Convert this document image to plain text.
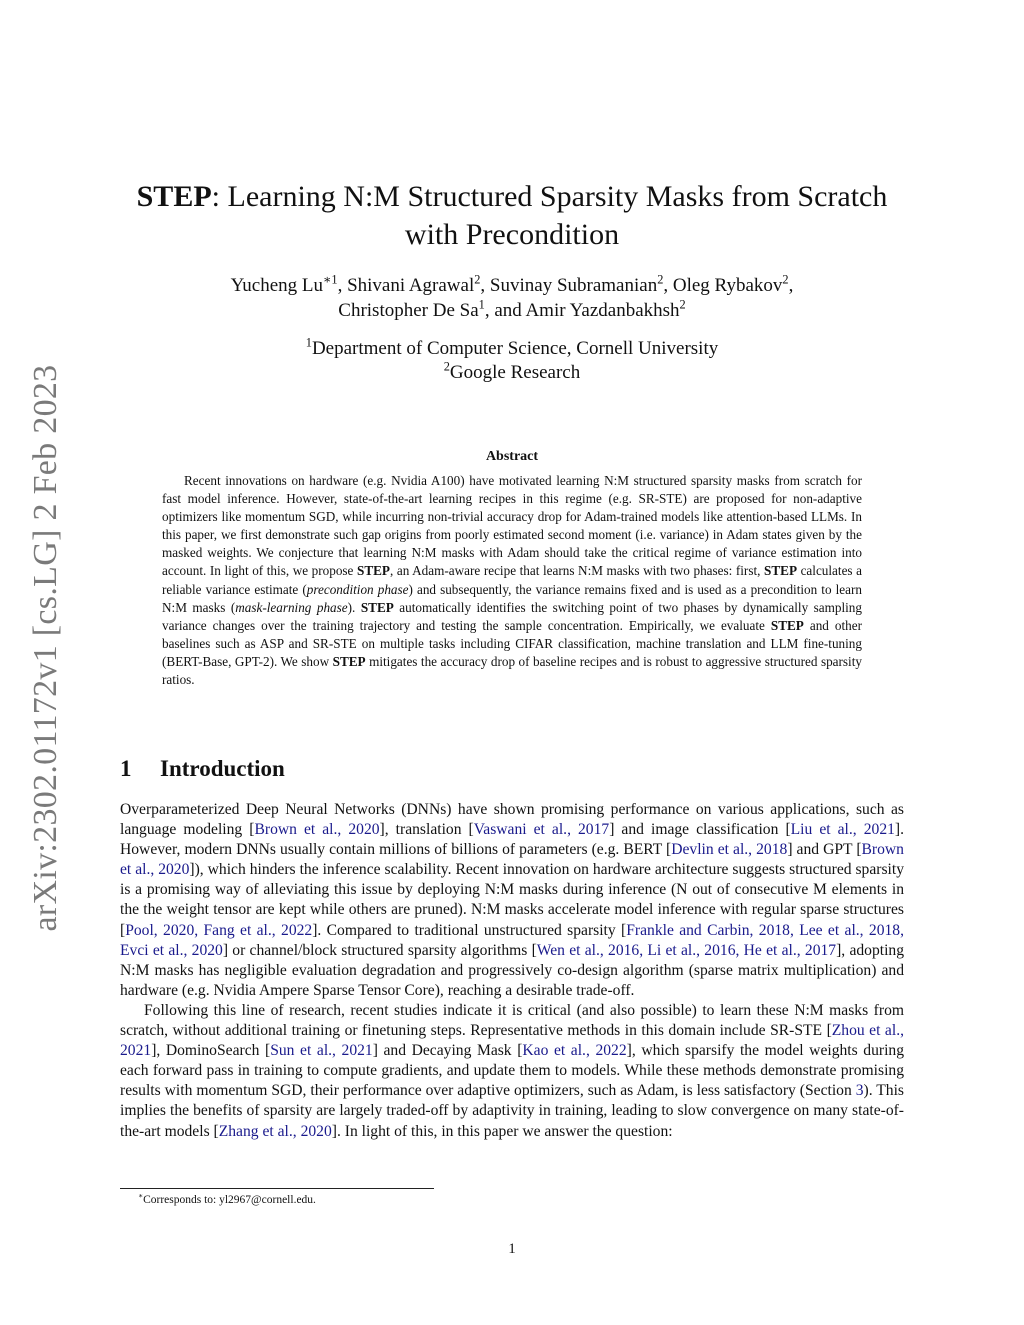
arXiv:2302.01172v1 [cs.LG] 2 Feb 2023
STEP: Learning N:M Structured Sparsity Masks from Scratch
with Precondition
Yucheng $Lu^{∗1}$, Shivani Agrawal$^2$, Suvinay Subramanian$^2$, Oleg Rybakov$^2$,
Christopher De Sa$^1$, and Amir Yazdanbakhsh$^2$
$^1$Department of Computer Science, Cornell University
$^2$Google Research
Abstract

Recent innovations on hardware (e.g. Nvidia A100) have motivated learning N:M structured sparsity masks from scratch for fast model inference. However, state-of-the-art learning recipes in this regime (e.g. SR-STE) are proposed for non-adaptive optimizers like momentum SGD, while incurring non-trivial accuracy drop for Adam-trained models like attention-based LLMs. In this paper, we first demonstrate such gap origins from poorly estimated second moment (i.e. variance) in Adam states given by the masked weights. We conjecture that learning N:M masks with Adam should take the critical regime of variance estimation into account. In light of this, we propose STEP, an Adam-aware recipe that learns N:M masks with two phases: first, STEP calculates a reliable variance estimate (precondition phase) and subsequently, the variance remains fixed and is used as a precondition to learn N:M masks (mask-learning phase). STEP automatically identifies the switching point of two phases by dynamically sampling variance changes over the training trajectory and testing the sample concentration. Empirically, we evaluate STEP and other baselines such as ASP and SR-STE on multiple tasks including CIFAR classification, machine translation and LLM fine-tuning (BERT-Base, GPT-2). We show STEP mitigates the accuracy drop of baseline recipes and is robust to aggressive structured sparsity ratios.

1 Introduction

Overparameterized Deep Neural Networks (DNNs) have shown promising performance on various applications, such as language modeling [Brown et al., 2020], translation [Vaswani et al., 2017] and image classification [Liu et al., 2021]. However, modern DNNs usually contain millions of billions of parameters (e.g. BERT [Devlin et al., 2018] and GPT [Brown et al., 2020]), which hinders the inference scalability. Recent innovation on hardware architecture suggests structured sparsity is a promising way of alleviating this issue by deploying N:M masks during inference (N out of consecutive M elements in the the weight tensor are kept while others are pruned). N:M masks accelerate model inference with regular sparse structures [Pool, 2020, Fang et al., 2022]. Compared to traditional unstructured sparsity [Frankle and Carbin, 2018, Lee et al., 2018, Evci et al., 2020] or channel/block structured sparsity algorithms [Wen et al., 2016, Li et al., 2016, He et al., 2017], adopting N:M masks has negligible evaluation degradation and progressively co-design algorithm (sparse matrix multiplication) and hardware (e.g. Nvidia Ampere Sparse Tensor Core), reaching a desirable trade-off.

Following this line of research, recent studies indicate it is critical (and also possible) to learn these N:M masks from scratch, without additional training or finetuning steps. Representative methods in this domain include SR-STE [Zhou et al., 2021], DominoSearch [Sun et al., 2021] and Decaying Mask [Kao et al., 2022], which sparsify the model weights during each forward pass in training to compute gradients, and update them to models. While these methods demonstrate promising results with momentum SGD, their performance over adaptive optimizers, such as Adam, is less satisfactory (Section 3). This implies the benefits of sparsity are largely traded-off by adaptivity in training, leading to slow convergence on many state-of-the-art models [Zhang et al., 2020]. In light of this, in this paper we answer the question:

∗Corresponds to: yl2967@cornell.edu.
1
